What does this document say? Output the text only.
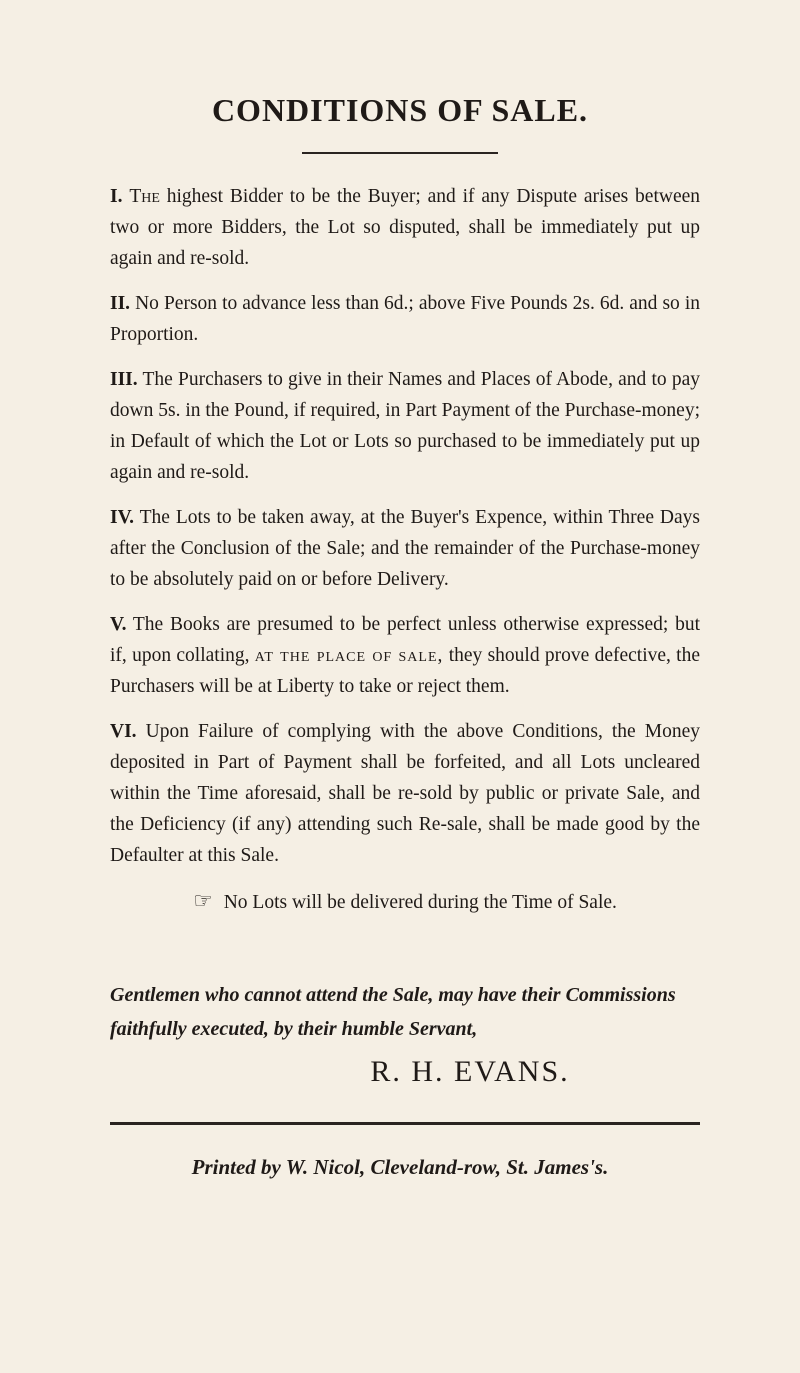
CONDITIONS OF SALE.

I. The highest Bidder to be the Buyer; and if any Dispute arises between two or more Bidders, the Lot so disputed, shall be immediately put up again and re-sold.

II. No Person to advance less than 6d.; above Five Pounds 2s. 6d. and so in Proportion.

III. The Purchasers to give in their Names and Places of Abode, and to pay down 5s. in the Pound, if required, in Part Payment of the Purchase-money; in Default of which the Lot or Lots so purchased to be immediately put up again and re-sold.

IV. The Lots to be taken away, at the Buyer's Expence, within Three Days after the Conclusion of the Sale; and the remainder of the Purchase-money to be absolutely paid on or before Delivery.

V. The Books are presumed to be perfect unless otherwise expressed; but if, upon collating, at the place of sale, they should prove defective, the Purchasers will be at Liberty to take or reject them.

VI. Upon Failure of complying with the above Conditions, the Money deposited in Part of Payment shall be forfeited, and all Lots uncleared within the Time aforesaid, shall be re-sold by public or private Sale, and the Deficiency (if any) attending such Re-sale, shall be made good by the Defaulter at this Sale.

☞ No Lots will be delivered during the Time of Sale.

Gentlemen who cannot attend the Sale, may have their Commissions faithfully executed, by their humble Servant,

R. H. EVANS.

Printed by W. Nicol, Cleveland-row, St. James's.
